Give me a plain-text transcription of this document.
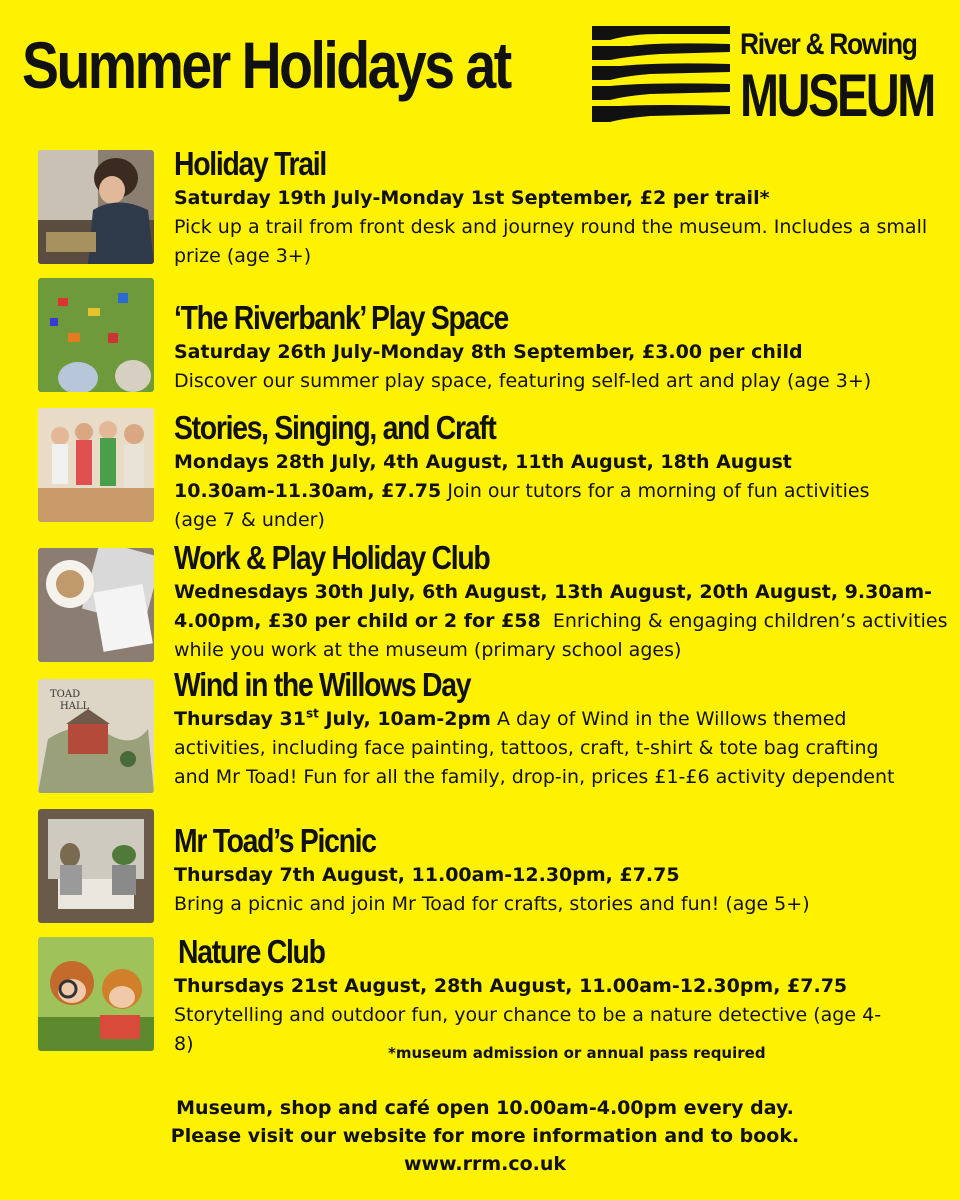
Summer Holidays at	River & Rowing
MUSEUM
Holiday Trail
Saturday 19th July-Monday 1st September, £2 per trail*
Pick up a trail from front desk and journey round the museum. Includes a small prize (age 3+)
‘The Riverbank’ Play Space
Saturday 26th July-Monday 8th September, £3.00 per child
Discover our summer play space, featuring self-led art and play (age 3+)
Stories, Singing, and Craft
Mondays 28th July, 4th August, 11th August, 18th August 10.30am-11.30am, £7.75 Join our tutors for a morning of fun activities (age 7 & under)
Work & Play Holiday Club
Wednesdays 30th July, 6th August, 13th August, 20th August, 9.30am-4.00pm, £30 per child or 2 for £58 Enriching & engaging children’s activities while you work at the museum (primary school ages)
TOAD
HALL
Wind in the Willows Day
Thursday 31st July, 10am-2pm A day of Wind in the Willows themed activities, including face painting, tattoos, craft, t-shirt & tote bag crafting and Mr Toad! Fun for all the family, drop-in, prices £1-£6 activity dependent
Mr Toad’s Picnic
Thursday 7th August, 11.00am-12.30pm, £7.75
Bring a picnic and join Mr Toad for crafts, stories and fun! (age 5+)
Nature Club
Thursdays 21st August, 28th August, 11.00am-12.30pm, £7.75
Storytelling and outdoor fun, your chance to be a nature detective (age 4-8)	*museum admission or annual pass required
Museum, shop and café open 10.00am-4.00pm every day.
Please visit our website for more information and to book.
www.rrm.co.uk
